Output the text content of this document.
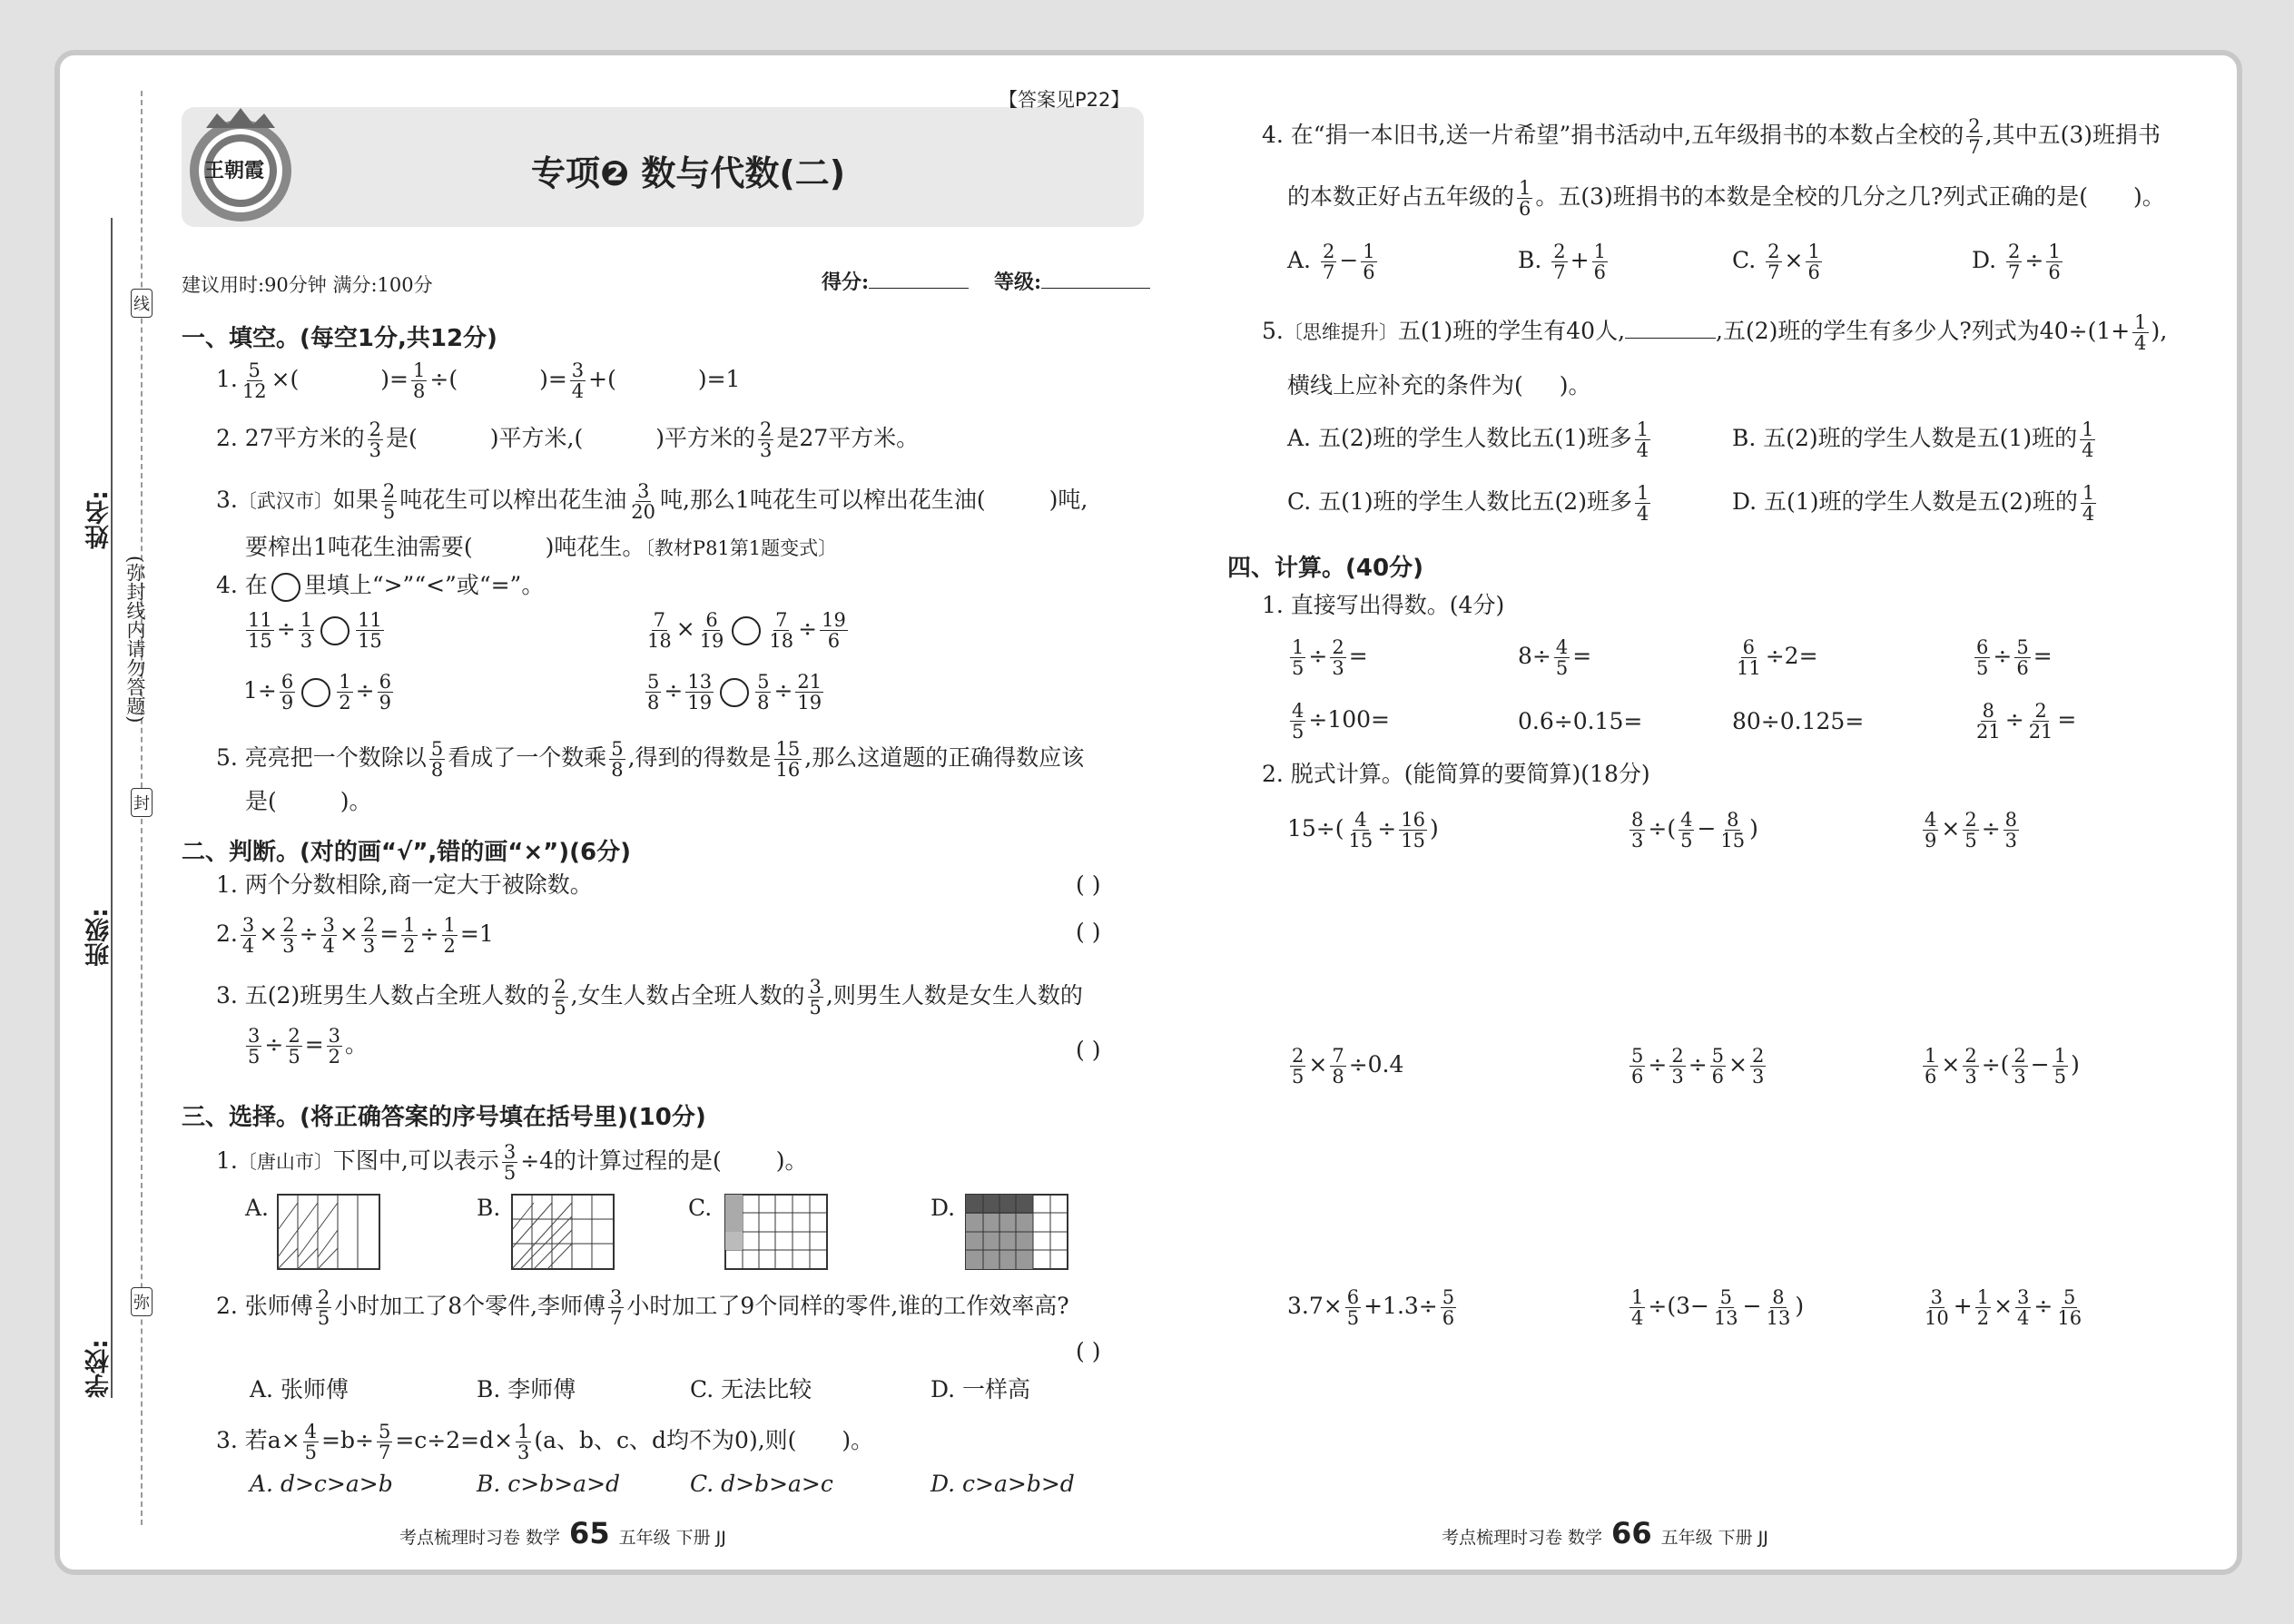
线
封
弥
姓名:
班级:
学校:
(弥封线内请勿答题)
王朝霞
【答案见P22】
专项❷ 数与代数(二)
建议用时:90分钟 满分:100分	得分:	等级:
一、填空。(每空1分,共12分)
1. $\frac{5}{12}$ ×(	)= $\frac{1}{8}$ ÷(	)= $\frac{3}{4}$ +(	)=1
2. 27平方米的 $\frac{2}{3}$ 是(	)平方米,(	)平方米的 $\frac{2}{3}$ 是27平方米。
3.〔武汉市〕如果 $\frac{2}{5}$ 吨花生可以榨出花生油 $\frac{3}{20}$ 吨,那么1吨花生可以榨出花生油(	)吨,
要榨出1吨花生油需要(	)吨花生。〔教材P81第1题变式〕
4. 在 里填上“>”“<”或“=”。
$\frac{11}{15} \div \frac{1}{3} \frac{11}{15}$	$\frac{7}{18} \times \frac{6}{19} \frac{7}{18} \div \frac{19}{6}$
$1\div \frac{6}{9} \frac{1}{2} \div \frac{6}{9}$	$\frac{5}{8} \div \frac{13}{19} \frac{5}{8} \div \frac{21}{19}$
5. 亮亮把一个数除以 $\frac{5}{8}$ 看成了一个数乘 $\frac{5}{8}$ ,得到的得数是 $\frac{15}{16}$ ,那么这道题的正确得数应该
是(	)。
二、判断。(对的画“√”,错的画“×”)(6分)
1. 两个分数相除,商一定大于被除数。	( )
2. $\frac{3}{4} \times \frac{2}{3} \div \frac{3}{4} \times \frac{2}{3} = \frac{1}{2} \div \frac{1}{2} =1$	( )
3. 五(2)班男生人数占全班人数的 $\frac{2}{5}$ ,女生人数占全班人数的 $\frac{3}{5}$ ,则男生人数是女生人数的
$\frac{3}{5} \div \frac{2}{5} = \frac{3}{2}$ 。	( )
三、选择。(将正确答案的序号填在括号里)(10分)
1.〔唐山市〕下图中,可以表示 $\frac{3}{5} \div 4$的计算过程的是( )。
A.	B.	C.	D.
2. 张师傅 $\frac{2}{5}$ 小时加工了8个零件,李师傅 $\frac{3}{7}$ 小时加工了9个同样的零件,谁的工作效率高?
( )
A. 张师傅	B. 李师傅	C. 无法比较	D. 一样高
3. 若$a\times \frac{4}{5} =b\div \frac{5}{7} =c\div 2=d\times \frac{1}{3} (a$、b、c、d均不为0),则( )。
A. d>c>a>b	B. c>b>a>d	C. d>b>a>c	D. c>a>b>d
考点梳理时习卷 数学 65 五年级 下册 JJ
4. 在“捐一本旧书,送一片希望”捐书活动中,五年级捐书的本数占全校的 $\frac{2}{7}$ ,其中五(3)班捐书
的本数正好占五年级的 $\frac{1}{6}$ 。五(3)班捐书的本数是全校的几分之几?列式正确的是( )。
A. $\frac{2}{7} - \frac{1}{6}$	B. $\frac{2}{7} + \frac{1}{6}$	C. $\frac{2}{7} \times \frac{1}{6}$	D. $\frac{2}{7} \div \frac{1}{6}$
5.〔思维提升〕五(1)班的学生有40人,	,五(2)班的学生有多少人?列式为$40\div(1+ \frac{1}{4}$ ),
横线上应补充的条件为( )。
A. 五(2)班的学生人数比五(1)班多 $\frac{1}{4}$	B. 五(2)班的学生人数是五(1)班的 $\frac{1}{4}$
C. 五(1)班的学生人数比五(2)班多 $\frac{1}{4}$	D. 五(1)班的学生人数是五(2)班的 $\frac{1}{4}$
四、计算。(40分)
1. 直接写出得数。(4分)
$\frac{1}{5} \div \frac{2}{3}$ =	$8\div \frac{4}{5}$ =	$\frac{6}{11} \div 2=$	$\frac{6}{5} \div \frac{5}{6}$ =
$\frac{4}{5} \div 100=$	0.6÷0.15=	80÷0.125=	$\frac{8}{21} \div \frac{2}{21}$ =
2. 脱式计算。(能简算的要简算)(18分)
$15\div( \frac{4}{15} \div \frac{16}{15}$ )	$\frac{8}{3}$ ÷( $\frac{4}{5} - \frac{8}{15}$ )	$\frac{4}{9} \times \frac{2}{5} \div \frac{8}{3}$
$\frac{2}{5} \times \frac{7}{8} \div 0.4$	$\frac{5}{6} \div \frac{2}{3} \div \frac{5}{6} \times \frac{2}{3}$	$\frac{1}{6} \times \frac{2}{3}$ ÷( $\frac{2}{3} - \frac{1}{5}$ )
$3.7\times \frac{6}{5} +1.3\div \frac{5}{6}$	$\frac{1}{4} \div(3- \frac{5}{13} - \frac{8}{13}$ )	$\frac{3}{10} + \frac{1}{2} \times \frac{3}{4} \div \frac{5}{16}$
考点梳理时习卷 数学 66 五年级 下册 JJ
